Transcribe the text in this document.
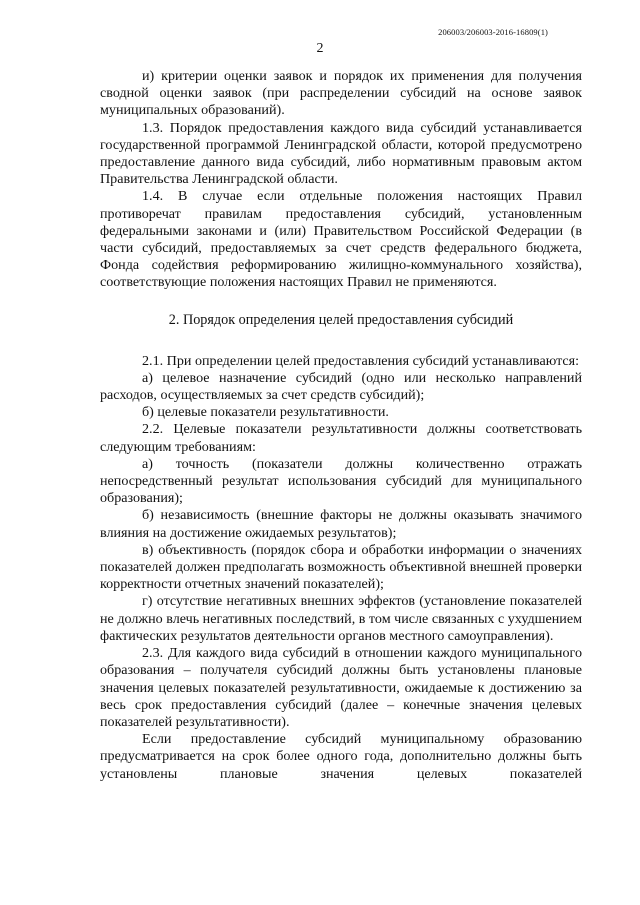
206003/206003-2016-16809(1)
2

и) критерии оценки заявок и порядок их применения для получения сводной оценки заявок (при распределении субсидий на основе заявок муниципальных образований).

1.3. Порядок предоставления каждого вида субсидий устанавливается государственной программой Ленинградской области, которой предусмотрено предоставление данного вида субсидий, либо нормативным правовым актом Правительства Ленинградской области.

1.4. В случае если отдельные положения настоящих Правил противоречат правилам предоставления субсидий, установленным федеральными законами и (или) Правительством Российской Федерации (в части субсидий, предоставляемых за счет средств федерального бюджета, Фонда содействия реформированию жилищно-коммунального хозяйства), соответствующие положения настоящих Правил не применяются.

2. Порядок определения целей предоставления субсидий

2.1. При определении целей предоставления субсидий устанавливаются:

а) целевое назначение субсидий (одно или несколько направлений расходов, осуществляемых за счет средств субсидий);

б) целевые показатели результативности.

2.2. Целевые показатели результативности должны соответствовать следующим требованиям:

а) точность (показатели должны количественно отражать непосредственный результат использования субсидий для муниципального образования);

б) независимость (внешние факторы не должны оказывать значимого влияния на достижение ожидаемых результатов);

в) объективность (порядок сбора и обработки информации о значениях показателей должен предполагать возможность объективной внешней проверки корректности отчетных значений показателей);

г) отсутствие негативных внешних эффектов (установление показателей не должно влечь негативных последствий, в том числе связанных с ухудшением фактических результатов деятельности органов местного самоуправления).

2.3. Для каждого вида субсидий в отношении каждого муниципального образования – получателя субсидий должны быть установлены плановые значения целевых показателей результативности, ожидаемые к достижению за весь срок предоставления субсидий (далее – конечные значения целевых показателей результативности).

Если предоставление субсидий муниципальному образованию предусматривается на срок более одного года, дополнительно должны быть установлены плановые значения целевых показателей
